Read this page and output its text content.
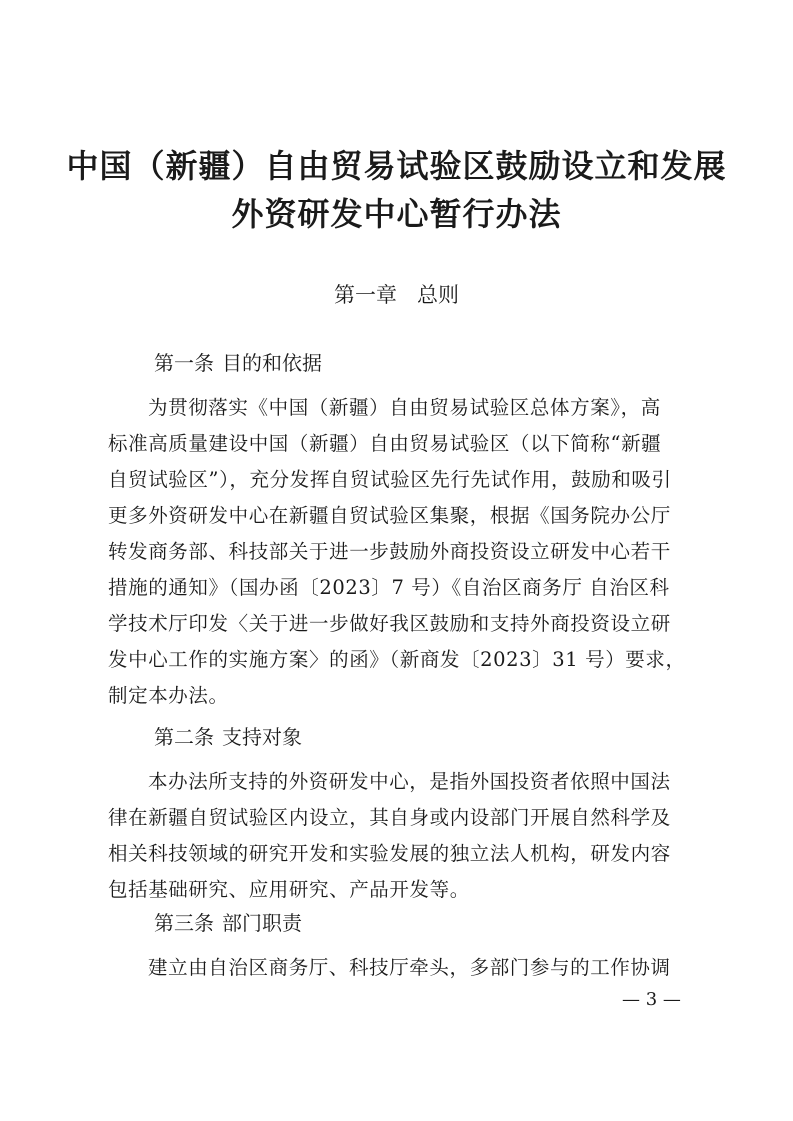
中国（新疆）自由贸易试验区鼓励设立和发展
外资研发中心暂行办法
第一章   总则
第一条 目的和依据
为贯彻落实《中国（新疆）自由贸易试验区总体方案》，高
标准高质量建设中国（新疆）自由贸易试验区（以下简称“新疆
自贸试验区”），充分发挥自贸试验区先行先试作用，鼓励和吸引
更多外资研发中心在新疆自贸试验区集聚，根据《国务院办公厅
转发商务部、科技部关于进一步鼓励外商投资设立研发中心若干
措施的通知》（国办函〔2023〕7 号）《自治区商务厅 自治区科
学技术厅印发〈关于进一步做好我区鼓励和支持外商投资设立研
发中心工作的实施方案〉的函》（新商发〔2023〕31 号）要求，
制定本办法。
第二条 支持对象
本办法所支持的外资研发中心，是指外国投资者依照中国法
律在新疆自贸试验区内设立，其自身或内设部门开展自然科学及
相关科技领域的研究开发和实验发展的独立法人机构，研发内容
包括基础研究、应用研究、产品开发等。
第三条 部门职责
建立由自治区商务厅、科技厅牵头，多部门参与的工作协调
— 3 —
